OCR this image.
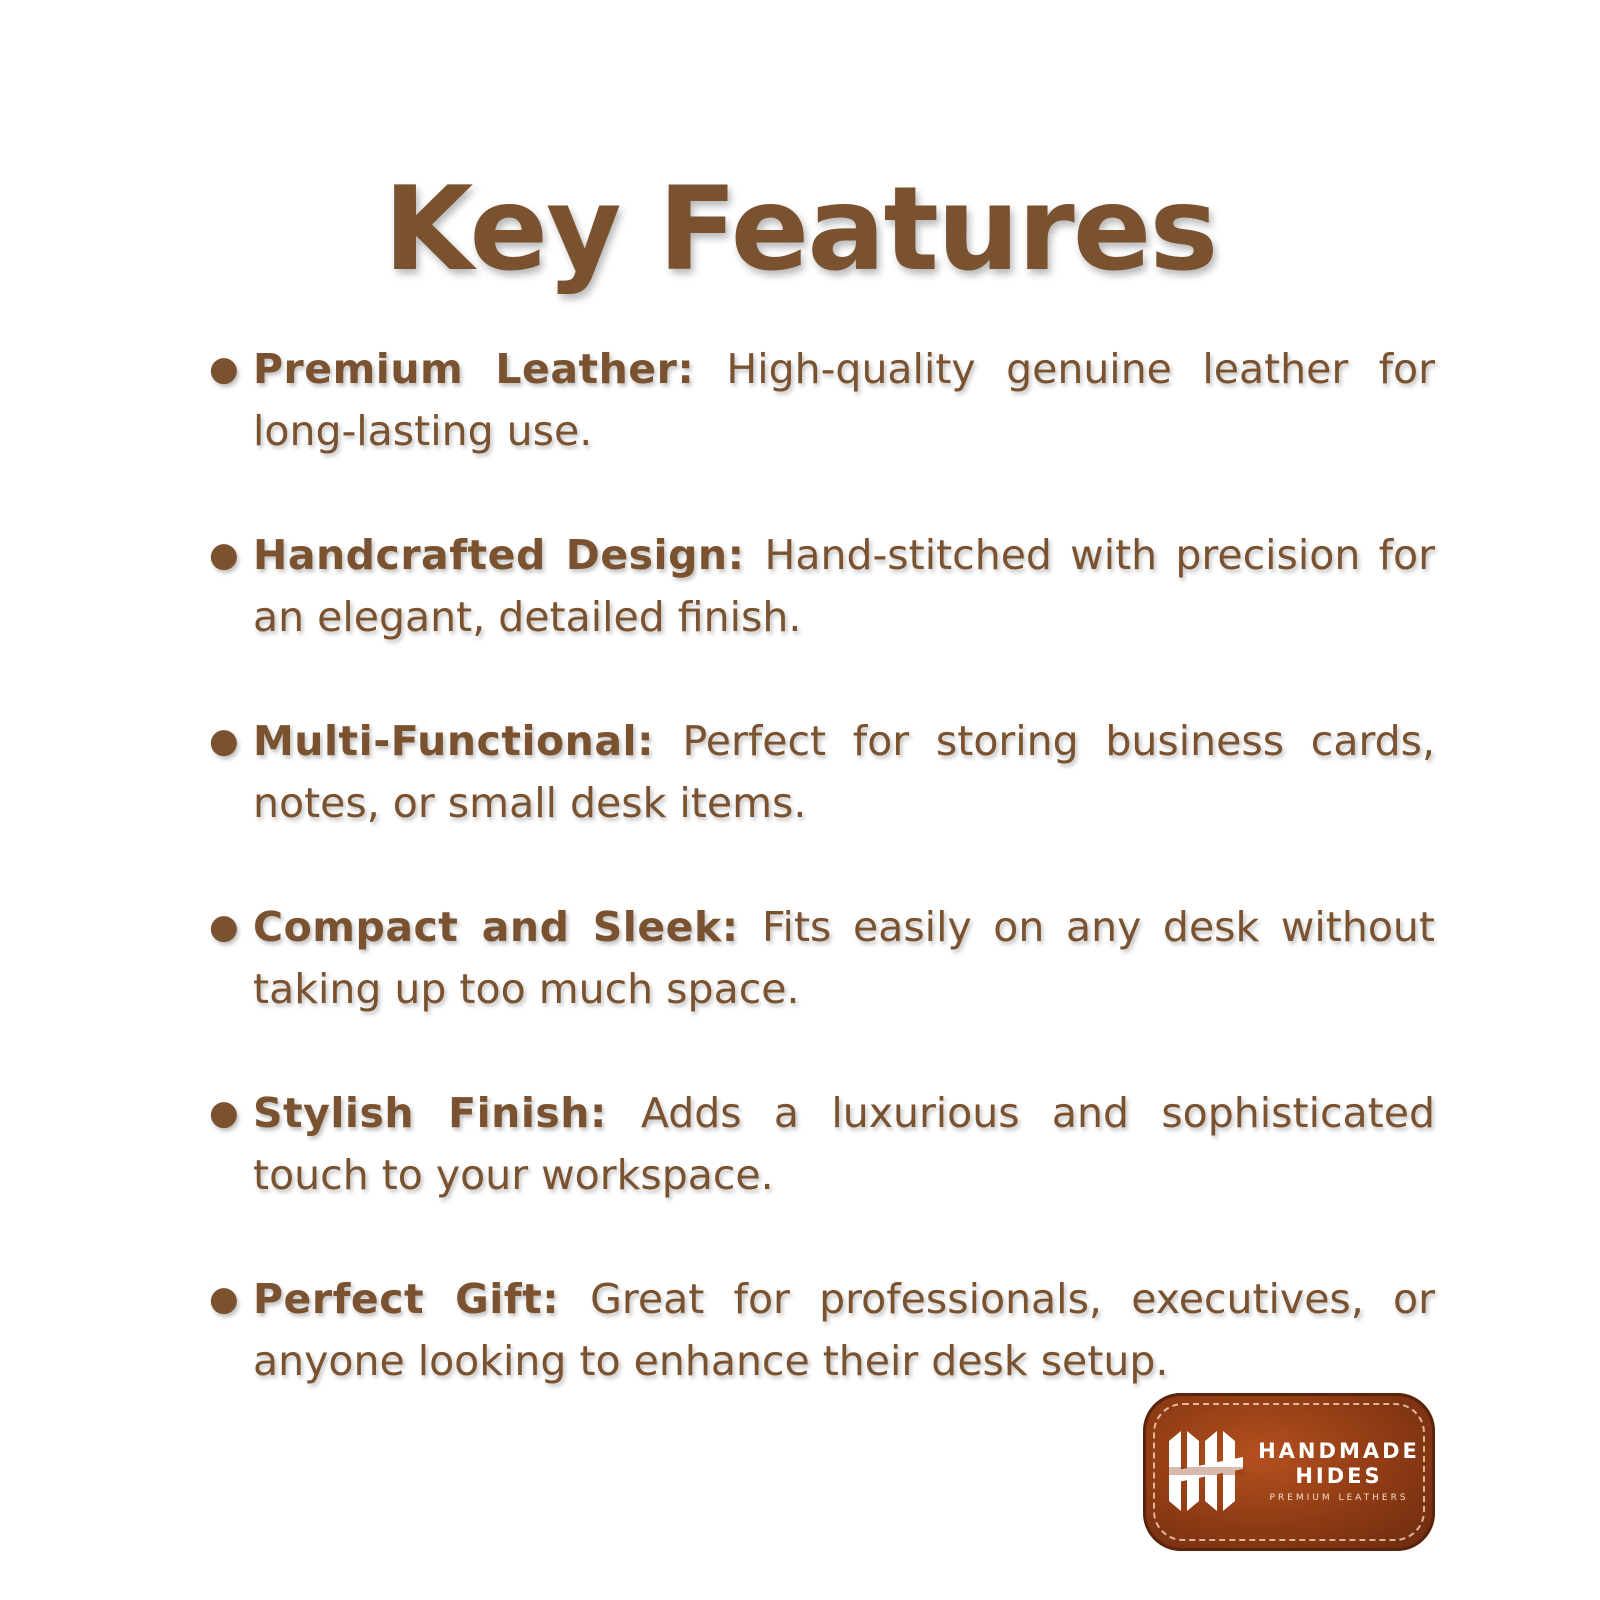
Key Features
● Premium Leather: High-quality genuine leather for long-lasting use.
● Handcrafted Design: Hand-stitched with precision for an elegant, detailed finish.
● Multi-Functional: Perfect for storing business cards, notes, or small desk items.
● Compact and Sleek: Fits easily on any desk without taking up too much space.
● Stylish Finish: Adds a luxurious and sophisticated touch to your workspace.
● Perfect Gift: Great for professionals, executives, or anyone looking to enhance their desk setup.
HANDMADE
HIDES
PREMIUM LEATHERS
